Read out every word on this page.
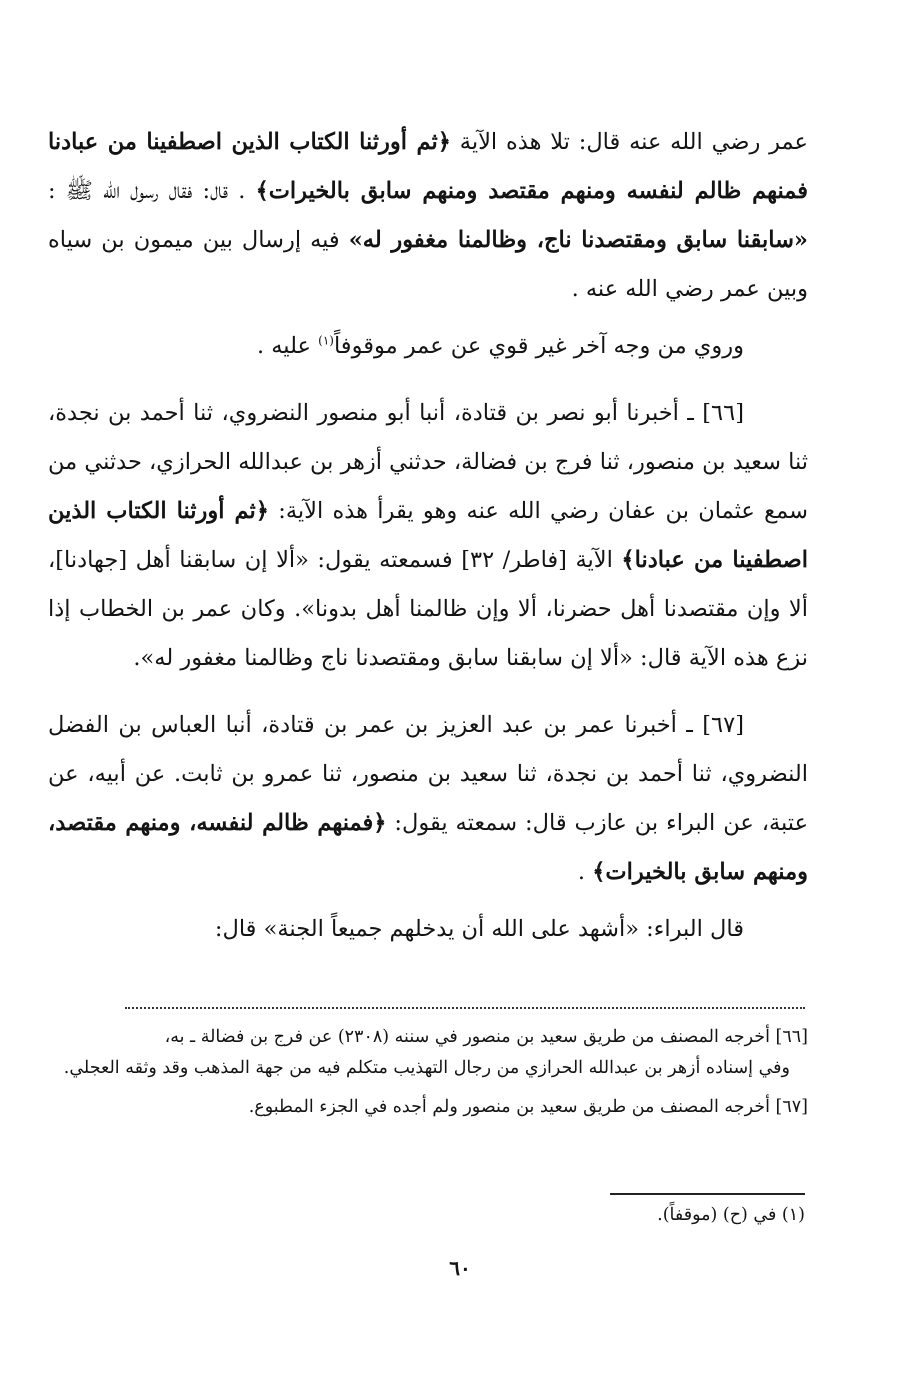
عمر رضي الله عنه قال: تلا هذه الآية ﴿ثم أورثنا الكتاب الذين اصطفينا من عبادنا فمنهم ظالم لنفسه ومنهم مقتصد ومنهم سابق بالخيرات﴾ . قال: فقال رسول الله ﷺ : «سابقنا سابق ومقتصدنا ناج، وظالمنا مغفور له» فيه إرسال بين ميمون بن سياه وبين عمر رضي الله عنه .

وروي من وجه آخر غير قوي عن عمر موقوفاً$^{(١)}$ عليه .

[٦٦] ـ أخبرنا أبو نصر بن قتادة، أنبا أبو منصور النضروي، ثنا أحمد بن نجدة، ثنا سعيد بن منصور، ثنا فرج بن فضالة، حدثني أزهر بن عبدالله الحرازي، حدثني من سمع عثمان بن عفان رضي الله عنه وهو يقرأ هذه الآية: ﴿ثم أورثنا الكتاب الذين اصطفينا من عبادنا﴾ الآية [فاطر/ ٣٢] فسمعته يقول: «ألا إن سابقنا أهل [جهادنا]، ألا وإن مقتصدنا أهل حضرنا، ألا وإن ظالمنا أهل بدونا». وكان عمر بن الخطاب إذا نزع هذه الآية قال: «ألا إن سابقنا سابق ومقتصدنا ناج وظالمنا مغفور له».

[٦٧] ـ أخبرنا عمر بن عبد العزيز بن عمر بن قتادة، أنبا العباس بن الفضل النضروي، ثنا أحمد بن نجدة، ثنا سعيد بن منصور، ثنا عمرو بن ثابت. عن أبيه، عن عتبة، عن البراء بن عازب قال: سمعته يقول: ﴿فمنهم ظالم لنفسه، ومنهم مقتصد، ومنهم سابق بالخيرات﴾ .

قال البراء: «أشهد على الله أن يدخلهم جميعاً الجنة» قال:

[٦٦] أخرجه المصنف من طريق سعيد بن منصور في سننه (٢٣٠٨) عن فرج بن فضالة ـ به،

وفي إسناده أزهر بن عبدالله الحرازي من رجال التهذيب متكلم فيه من جهة المذهب وقد وثقه العجلي.

[٦٧] أخرجه المصنف من طريق سعيد بن منصور ولم أجده في الجزء المطبوع.

(١) في (ح) (موقفاً).
٦٠
